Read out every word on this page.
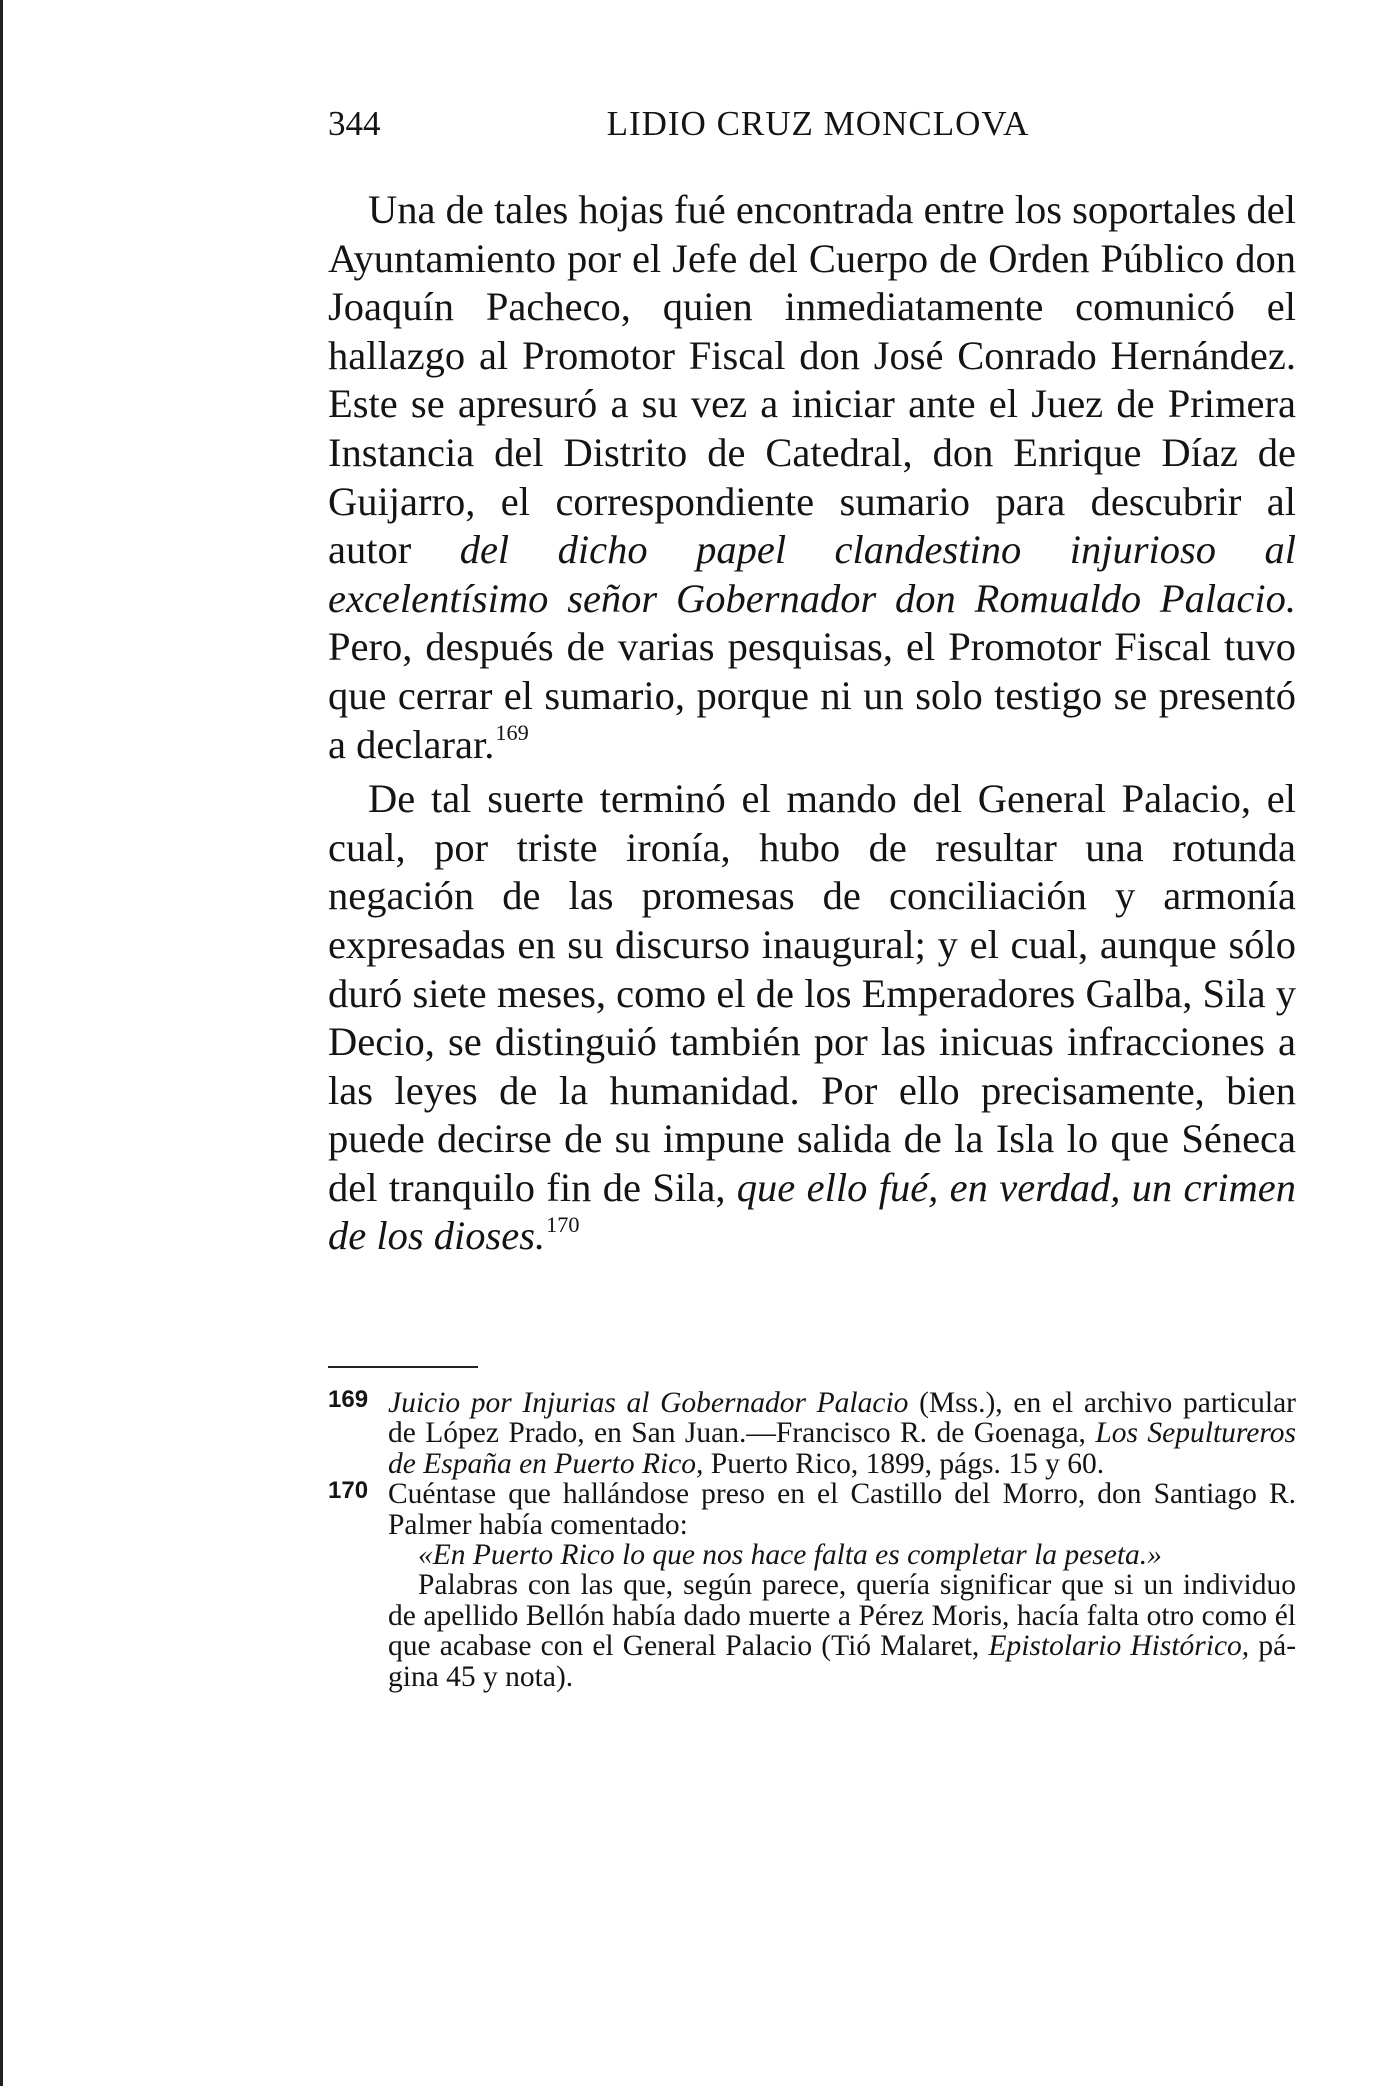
344	LIDIO CRUZ MONCLOVA

Una de tales hojas fué encontrada entre los soportales del Ayuntamiento por el Jefe del Cuerpo de Orden Público don Joaquín Pacheco, quien inmediatamente comunicó el hallazgo al Promotor Fiscal don José Conrado Hernández. Este se apresuró a su vez a iniciar ante el Juez de Primera Instancia del Distrito de Catedral, don Enrique Díaz de Guijarro, el correspondiente sumario para descubrir al autor del dicho papel clandestino injurioso al excelentísimo señor Gobernador don Romualdo Palacio. Pero, después de varias pesquisas, el Promotor Fiscal tuvo que cerrar el sumario, porque ni un solo testigo se presentó a declarar.$^{169}$

De tal suerte terminó el mando del General Palacio, el cual, por triste ironía, hubo de resultar una rotunda negación de las promesas de conciliación y armonía expresadas en su discurso inaugural; y el cual, aunque sólo duró siete meses, como el de los Emperadores Galba, Sila y Decio, se distinguió también por las inicuas infracciones a las leyes de la humanidad. Por ello precisamente, bien puede decirse de su impune salida de la Isla lo que Séneca del tranquilo fin de Sila, que ello fué, en verdad, un crimen de los dioses.$^{170}$

169 Juicio por Injurias al Gobernador Palacio (Mss.), en el archivo particular de López Prado, en San Juan.—Francisco R. de Goenaga, Los Sepultureros de España en Puerto Rico, Puerto Rico, 1899, págs. 15 y 60.

170 Cuéntase que hallándose preso en el Castillo del Morro, don Santiago R. Palmer había comentado:

«En Puerto Rico lo que nos hace falta es completar la peseta.»

Palabras con las que, según parece, quería significar que si un individuo de apellido Bellón había dado muerte a Pérez Moris, hacía falta otro como él que acabase con el General Palacio (Tió Malaret, Epistolario Histórico, página 45 y nota).
